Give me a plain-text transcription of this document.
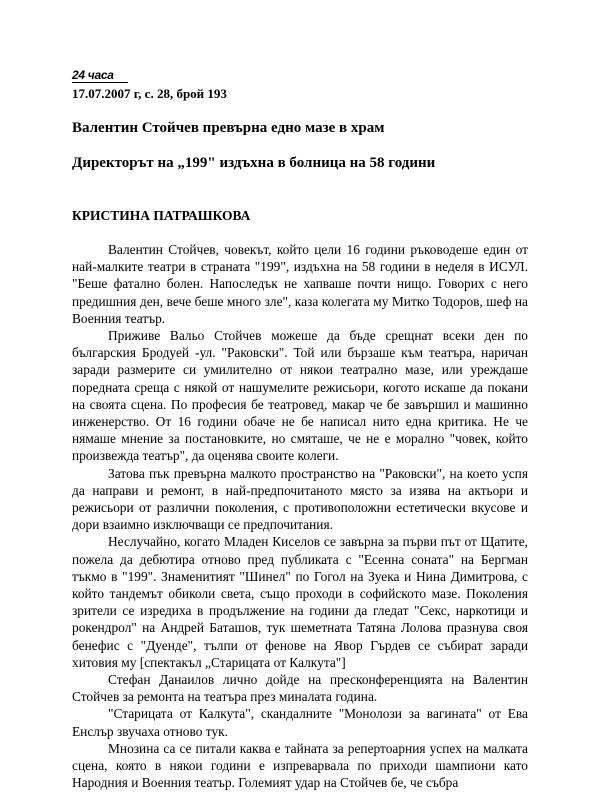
24 часа
17.07.2007 г, с. 28, брой 193
Валентин Стойчев превърна едно мазе в храм
Директорът на „199" издъхна в болница на 58 години
КРИСТИНА ПАТРАШКОВА

Валентин Стойчев, човекът, който цели 16 години ръководеше един от най-малките театри в страната "199", издъхна на 58 години в неделя в ИСУЛ. "Беше фатално болен. Напоследък не хапваше почти нищо. Говорих с него предишния ден, вече беше много зле", каза колегата му Митко Тодоров, шеф на Военния театър.

Приживе Вальо Стойчев можеше да бъде срещнат всеки ден по българския Бродуей -ул. "Раковски". Той или бързаше към театъра, наричан заради размерите си умилително от някои театрално мазе, или уреждаше поредната среща с някой от нашумелите режисьори, когото искаше да покани на своята сцена. По професия бе театровед, макар че бе завършил и машинно инженерство. От 16 години обаче не бе написал нито една критика. Не че нямаше мнение за постановките, но смяташе, че не е морално "човек, който произвежда театър", да оценява своите колеги.

Затова пък превърна малкото пространство на "Раковски", на което успя да направи и ремонт, в най-предпочитаното място за изява на актьори и режисьори от различни поколения, с противоположни естетически вкусове и дори взаимно изключващи се предпочитания.

Неслучайно, когато Младен Киселов се завърна за първи път от Щатите, пожела да дебютира отново пред публиката с "Есенна соната" на Бергман тъкмо в "199". Знаменитият "Шинел" по Гогол на Зуека и Нина Димитрова, с който тандемът обиколи света, също проходи в софийското мазе. Поколения зрители се изредиха в продължение на години да гледат "Секс, наркотици и рокендрол" на Андрей Баташов, тук шеметната Татяна Лолова празнува своя бенефис с "Дуенде", тълпи от фенове на Явор Гърдев се събират заради хитовия му [спектакъл „Старицата от Калкута"]

Стефан Данаилов лично дойде на пресконференцията на Валентин Стойчев за ремонта на театъра през миналата година.

"Старицата от Калкута", скандалните "Монолози за вагината" от Ева Енслър звучаха отново тук.

Мнозина са се питали каква е тайната за репертоарния успех на малката сцена, която в някои години е изпреварвала по приходи шампиони като Народния и Военния театър. Големият удар на Стойчев бе, че събра
